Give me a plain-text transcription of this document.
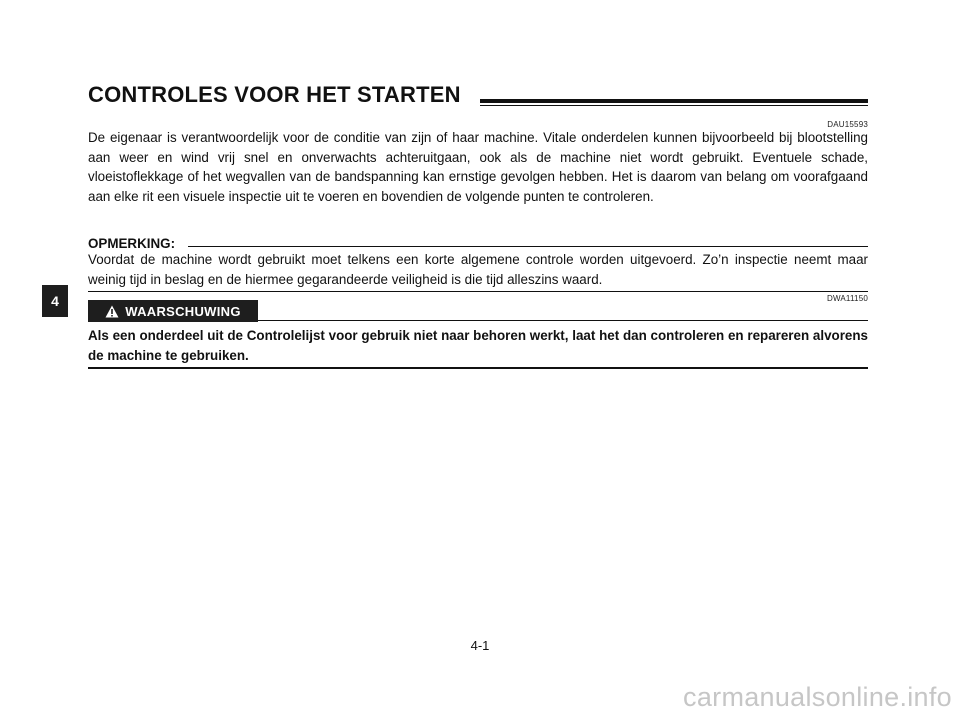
CONTROLES VOOR HET STARTEN
DAU15593

De eigenaar is verantwoordelijk voor de conditie van zijn of haar machine. Vitale onderdelen kunnen bijvoorbeeld bij blootstelling aan weer en wind vrij snel en onverwachts achteruitgaan, ook als de machine niet wordt gebruikt. Eventuele schade, vloeistoflekkage of het wegvallen van de bandspanning kan ernstige gevolgen hebben. Het is daarom van belang om voorafgaand aan elke rit een visuele inspectie uit te voeren en bovendien de volgende punten te controleren.

OPMERKING:

Voordat de machine wordt gebruikt moet telkens een korte algemene controle worden uitgevoerd. Zo’n inspectie neemt maar weinig tijd in beslag en de hiermee gegarandeerde veiligheid is die tijd alleszins waard.

DWA11150
WAARSCHUWING

Als een onderdeel uit de Controlelijst voor gebruik niet naar behoren werkt, laat het dan controleren en repareren alvorens de machine te gebruiken.

4
4-1
carmanualsonline.info
